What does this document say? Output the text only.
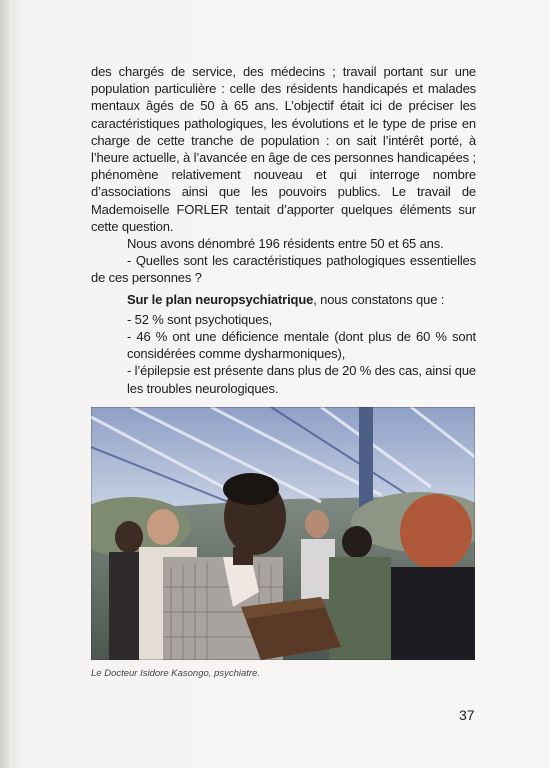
des chargés de service, des médecins ; travail portant sur une population particulière : celle des résidents handicapés et malades mentaux âgés de 50 à 65 ans. L’objectif était ici de préciser les caractéristiques pathologiques, les évolutions et le type de prise en charge de cette tranche de population : on sait l’intérêt porté, à l’heure actuelle, à l’avancée en âge de ces personnes handicapées ; phénomène relativement nouveau et qui interroge nombre d’associations ainsi que les pouvoirs publics. Le travail de Mademoiselle FORLER tentait d’apporter quelques éléments sur cette question.

Nous avons dénombré 196 résidents entre 50 et 65 ans.

- Quelles sont les caractéristiques pathologiques essentielles de ces personnes ?

Sur le plan neuropsychiatrique, nous constatons que :

- 52 % sont psychotiques,
- 46 % ont une déficience mentale (dont plus de 60 % sont considérées comme dysharmoniques),
- l’épilepsie est présente dans plus de 20 % des cas, ainsi que les troubles neurologiques.
Le Docteur Isidore Kasongo, psychiatre.
37
